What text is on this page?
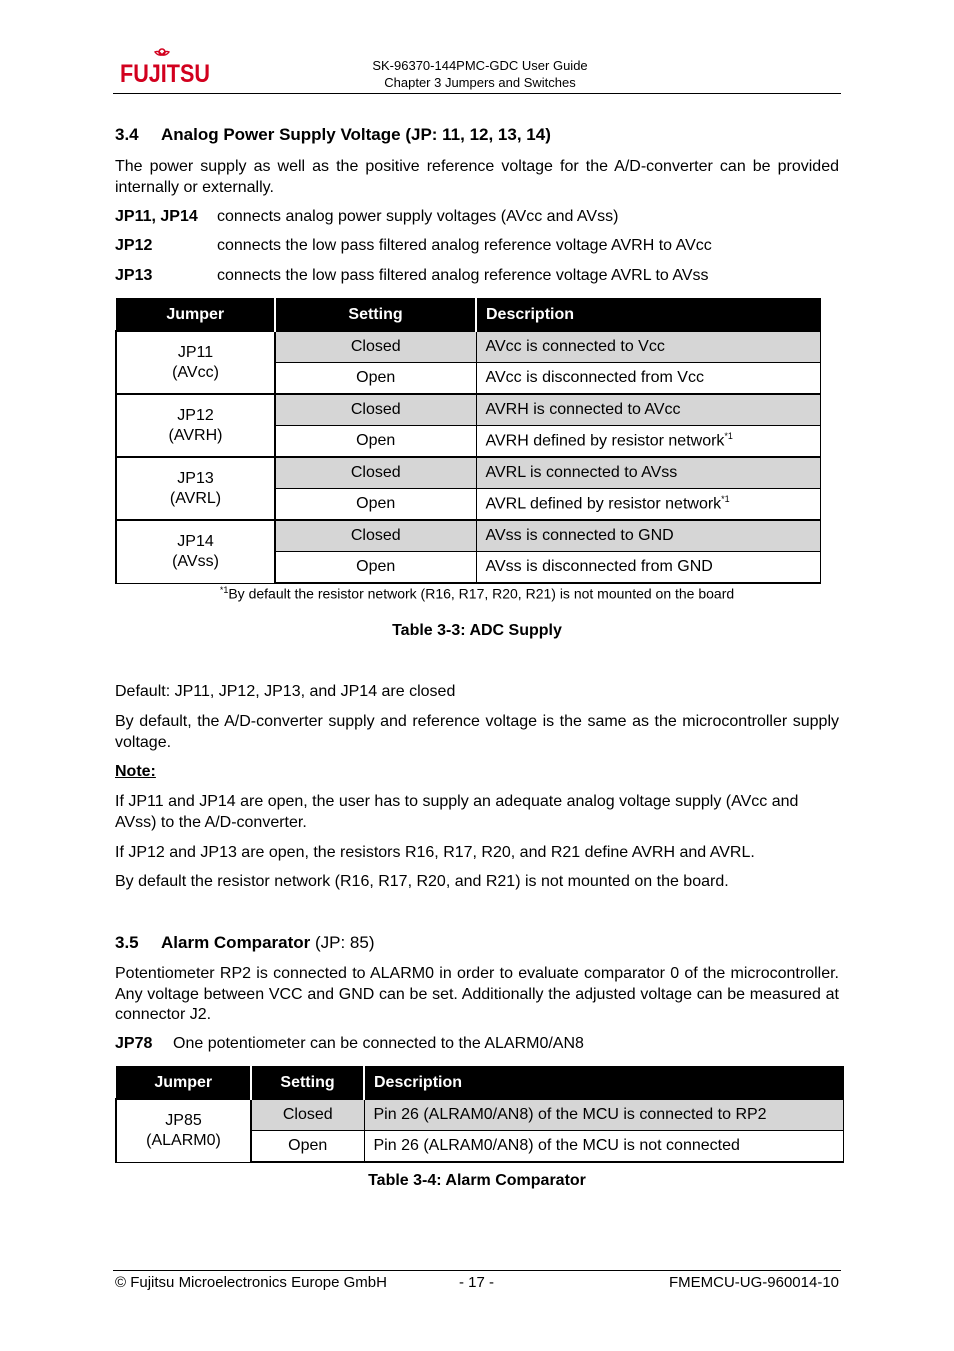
FUJITSU	SK-96370-144PMC-GDC User Guide
Chapter 3 Jumpers and Switches
3.4 Analog Power Supply Voltage (JP: 11, 12, 13, 14)

The power supply as well as the positive reference voltage for the A/D-converter can be provided internally or externally.

JP11, JP14 connects analog power supply voltages (AVcc and AVss)
JP12	connects the low pass filtered analog reference voltage AVRH to AVcc
JP13	connects the low pass filtered analog reference voltage AVRL to AVss
Jumper	Setting	Description

JP11
(AVcc)	Closed	AVcc is connected to Vcc
	Open	AVcc is disconnected from Vcc

JP12
(AVRH)	Closed	AVRH is connected to AVcc
	Open	AVRH defined by resistor network$^{*1}$

JP13
(AVRL)	Closed	AVRL is connected to AVss
	Open	AVRL defined by resistor network$^{*1}$

JP14
(AVss)	Closed	AVss is connected to GND
	Open	AVss is disconnected from GND
$^{*1}$By default the resistor network (R16, R17, R20, R21) is not mounted on the board
Table 3-3: ADC Supply

Default: JP11, JP12, JP13, and JP14 are closed

By default, the A/D-converter supply and reference voltage is the same as the microcontroller supply voltage.

Note:

If JP11 and JP14 are open, the user has to supply an adequate analog voltage supply (AVcc and AVss) to the A/D-converter.

If JP12 and JP13 are open, the resistors R16, R17, R20, and R21 define AVRH and AVRL.

By default the resistor network (R16, R17, R20, and R21) is not mounted on the board.

3.5 Alarm Comparator (JP: 85)

Potentiometer RP2 is connected to ALARM0 in order to evaluate comparator 0 of the microcontroller. Any voltage between VCC and GND can be set. Additionally the adjusted voltage can be measured at connector J2.

JP78 One potentiometer can be connected to the ALARM0/AN8
Jumper	Setting	Description

JP85
(ALARM0)	Closed	Pin 26 (ALRAM0/AN8) of the MCU is connected to RP2
	Open	Pin 26 (ALRAM0/AN8) of the MCU is not connected
Table 3-4: Alarm Comparator
© Fujitsu Microelectronics Europe GmbH	- 17 -	FMEMCU-UG-960014-10
